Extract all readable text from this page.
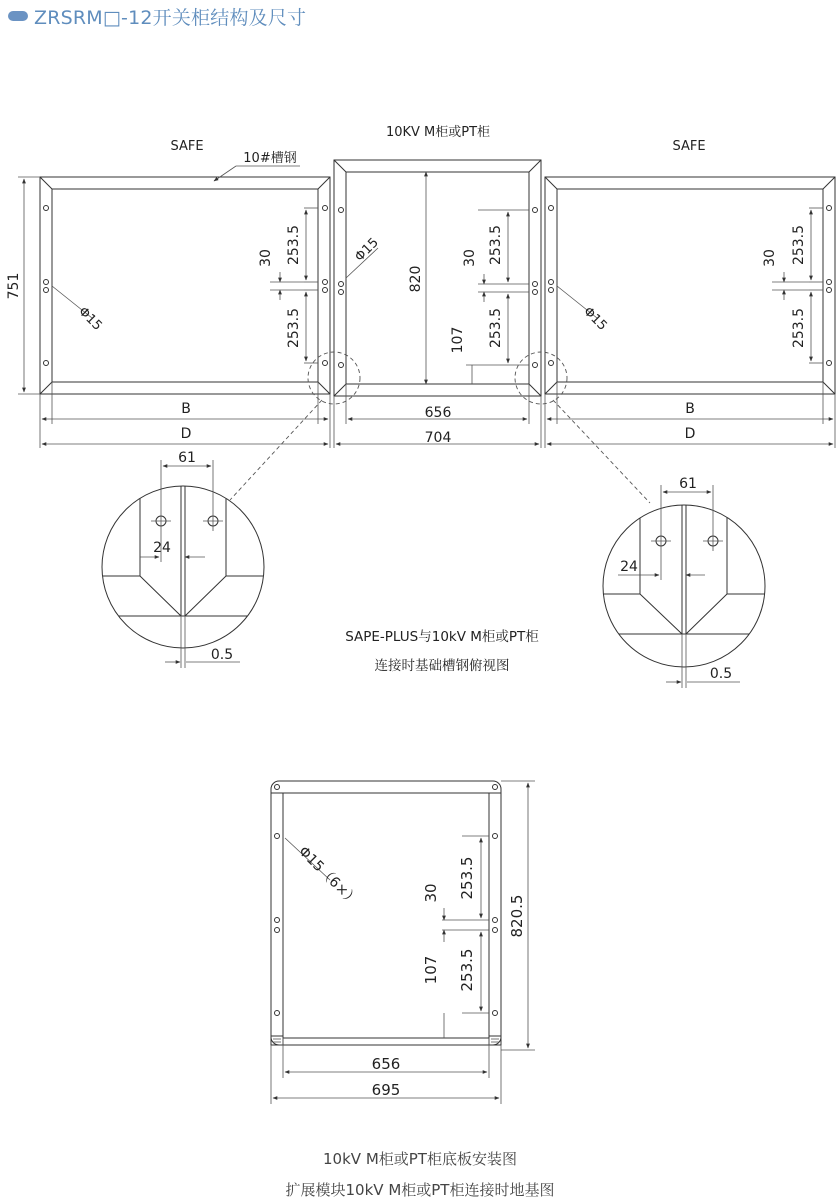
ZRSRM□-12开关柜结构及尺寸
SAFE
10KV M柜或PT柜
SAFE
10#槽钢
751
Φ15
253.5
30
253.5
820
Φ15	253.5
30
253.5
107
253.5
30
253.5
Φ15
B
D
656
704
B
D
61
24
0.5
61
24
0.5
SAPE-PLUS与10kV M柜或PT柜
连接时基础槽钢俯视图
Φ15（6×）	253.5
30
253.5
107
820.5
656
695
10kV M柜或PT柜底板安装图
扩展模块10kV M柜或PT柜连接时地基图
